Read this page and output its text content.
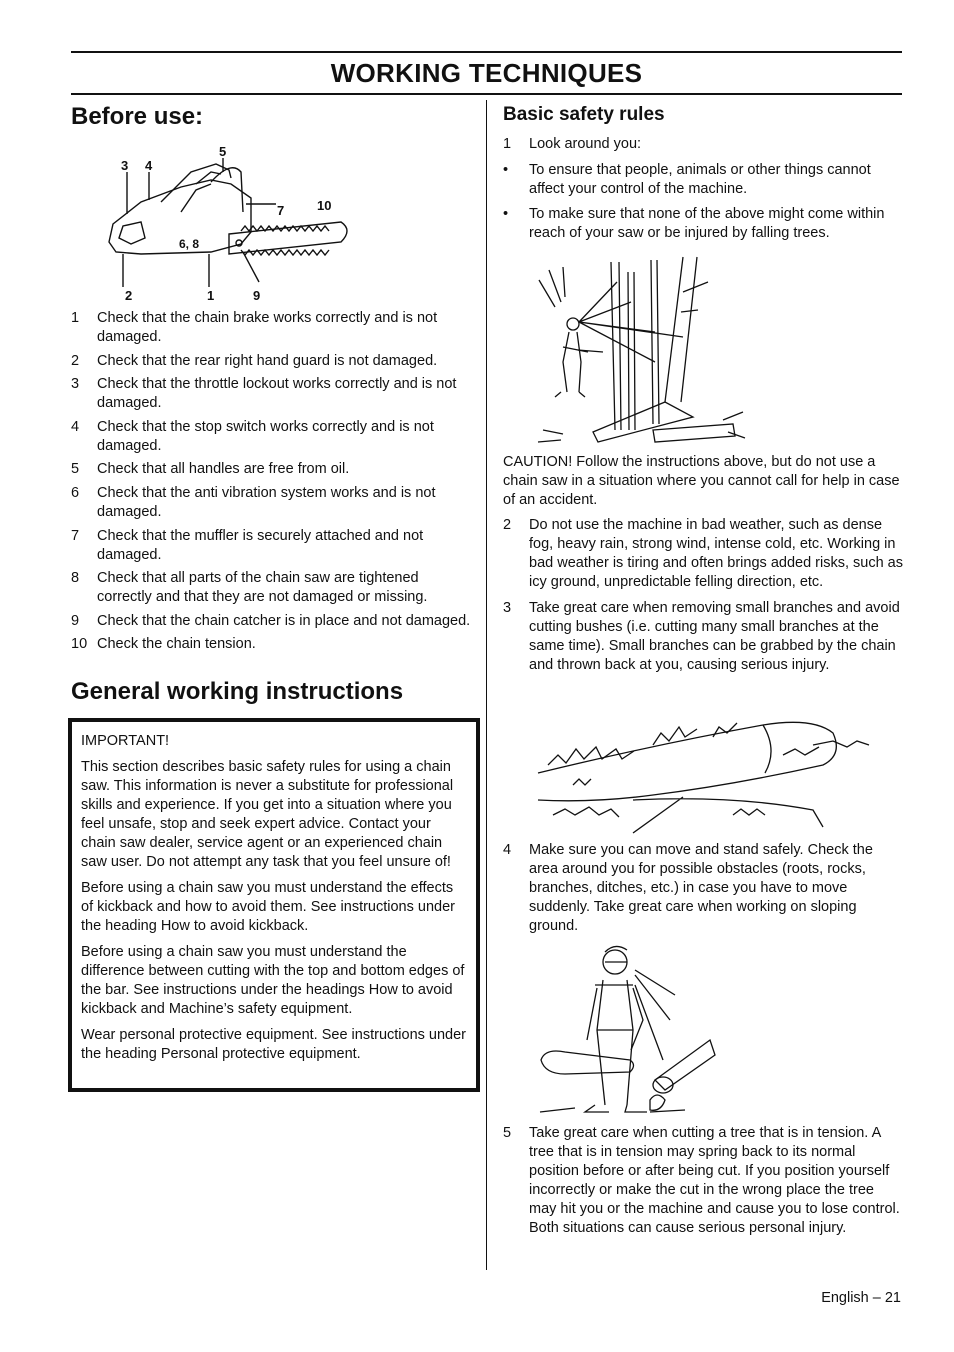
WORKING TECHNIQUES
Before use:
3 4
5
7	10
6, 8
2	1	9
1	Check that the chain brake works correctly and is not damaged.
2	Check that the rear right hand guard is not damaged.
3	Check that the throttle lockout works correctly and is not damaged.
4	Check that the stop switch works correctly and is not damaged.
5	Check that all handles are free from oil.
6	Check that the anti vibration system works and is not damaged.
7	Check that the muffler is securely attached and not damaged.
8	Check that all parts of the chain saw are tightened correctly and that they are not damaged or missing.
9	Check that the chain catcher is in place and not damaged.
10 Check the chain tension.
General working instructions

IMPORTANT!

This section describes basic safety rules for using a chain saw. This information is never a substitute for professional skills and experience. If you get into a situation where you feel unsafe, stop and seek expert advice. Contact your chain saw dealer, service agent or an experienced chain saw user. Do not attempt any task that you feel unsure of!

Before using a chain saw you must understand the effects of kickback and how to avoid them. See instructions under the heading How to avoid kickback.

Before using a chain saw you must understand the difference between cutting with the top and bottom edges of the bar. See instructions under the headings How to avoid kickback and Machine’s safety equipment.

Wear personal protective equipment. See instructions under the heading Personal protective equipment.

Basic safety rules
1	Look around you:
•	To ensure that people, animals or other things cannot affect your control of the machine.
•	To make sure that none of the above might come within reach of your saw or be injured by falling trees.

CAUTION! Follow the instructions above, but do not use a chain saw in a situation where you cannot call for help in case of an accident.

2	Do not use the machine in bad weather, such as dense fog, heavy rain, strong wind, intense cold, etc. Working in bad weather is tiring and often brings added risks, such as icy ground, unpredictable felling direction, etc.
3	Take great care when removing small branches and avoid cutting bushes (i.e. cutting many small branches at the same time). Small branches can be grabbed by the chain and thrown back at you, causing serious injury.
4	Make sure you can move and stand safely. Check the area around you for possible obstacles (roots, rocks, branches, ditches, etc.) in case you have to move suddenly. Take great care when working on sloping ground.
5	Take great care when cutting a tree that is in tension. A tree that is in tension may spring back to its normal position before or after being cut. If you position yourself incorrectly or make the cut in the wrong place the tree may hit you or the machine and cause you to lose control. Both situations can cause serious personal injury.
English – 21
